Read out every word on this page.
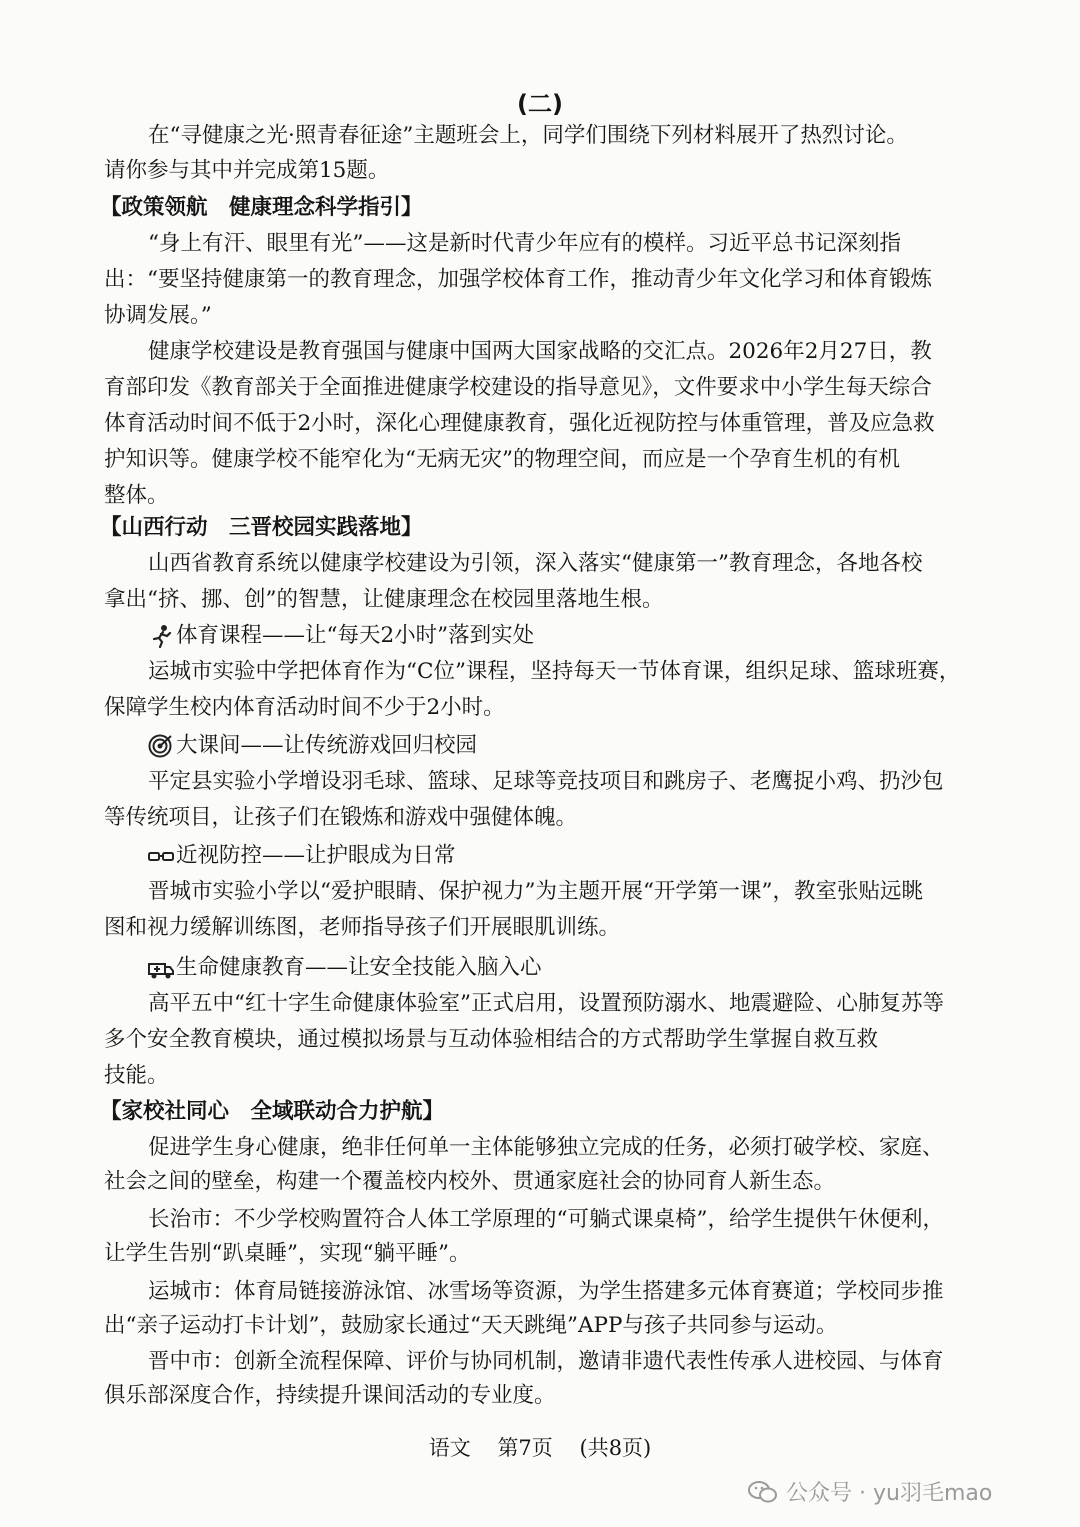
(二)
在“寻健康之光·照青春征途”主题班会上，同学们围绕下列材料展开了热烈讨论。
请你参与其中并完成第15题。
【政策领航　健康理念科学指引】
“身上有汗、眼里有光”——这是新时代青少年应有的模样。习近平总书记深刻指
出：“要坚持健康第一的教育理念，加强学校体育工作，推动青少年文化学习和体育锻炼
协调发展。”
健康学校建设是教育强国与健康中国两大国家战略的交汇点。2026年2月27日，教
育部印发《教育部关于全面推进健康学校建设的指导意见》，文件要求中小学生每天综合
体育活动时间不低于2小时，深化心理健康教育，强化近视防控与体重管理，普及应急救
护知识等。健康学校不能窄化为“无病无灾”的物理空间，而应是一个孕育生机的有机
整体。
【山西行动　三晋校园实践落地】
山西省教育系统以健康学校建设为引领，深入落实“健康第一”教育理念，各地各校
拿出“挤、挪、创”的智慧，让健康理念在校园里落地生根。
体育课程——让“每天2小时”落到实处
运城市实验中学把体育作为“C位”课程，坚持每天一节体育课，组织足球、篮球班赛，
保障学生校内体育活动时间不少于2小时。
大课间——让传统游戏回归校园
平定县实验小学增设羽毛球、篮球、足球等竞技项目和跳房子、老鹰捉小鸡、扔沙包
等传统项目，让孩子们在锻炼和游戏中强健体魄。
近视防控——让护眼成为日常
晋城市实验小学以“爱护眼睛、保护视力”为主题开展“开学第一课”，教室张贴远眺
图和视力缓解训练图，老师指导孩子们开展眼肌训练。
生命健康教育——让安全技能入脑入心
高平五中“红十字生命健康体验室”正式启用，设置预防溺水、地震避险、心肺复苏等
多个安全教育模块，通过模拟场景与互动体验相结合的方式帮助学生掌握自救互救
技能。
【家校社同心　全域联动合力护航】
促进学生身心健康，绝非任何单一主体能够独立完成的任务，必须打破学校、家庭、
社会之间的壁垒，构建一个覆盖校内校外、贯通家庭社会的协同育人新生态。
长治市：不少学校购置符合人体工学原理的“可躺式课桌椅”，给学生提供午休便利，
让学生告别“趴桌睡”，实现“躺平睡”。
运城市：体育局链接游泳馆、冰雪场等资源，为学生搭建多元体育赛道；学校同步推
出“亲子运动打卡计划”，鼓励家长通过“天天跳绳”APP与孩子共同参与运动。
晋中市：创新全流程保障、评价与协同机制，邀请非遗代表性传承人进校园、与体育
俱乐部深度合作，持续提升课间活动的专业度。
语文 第7页 (共8页)
公众号 · yu羽毛mao
